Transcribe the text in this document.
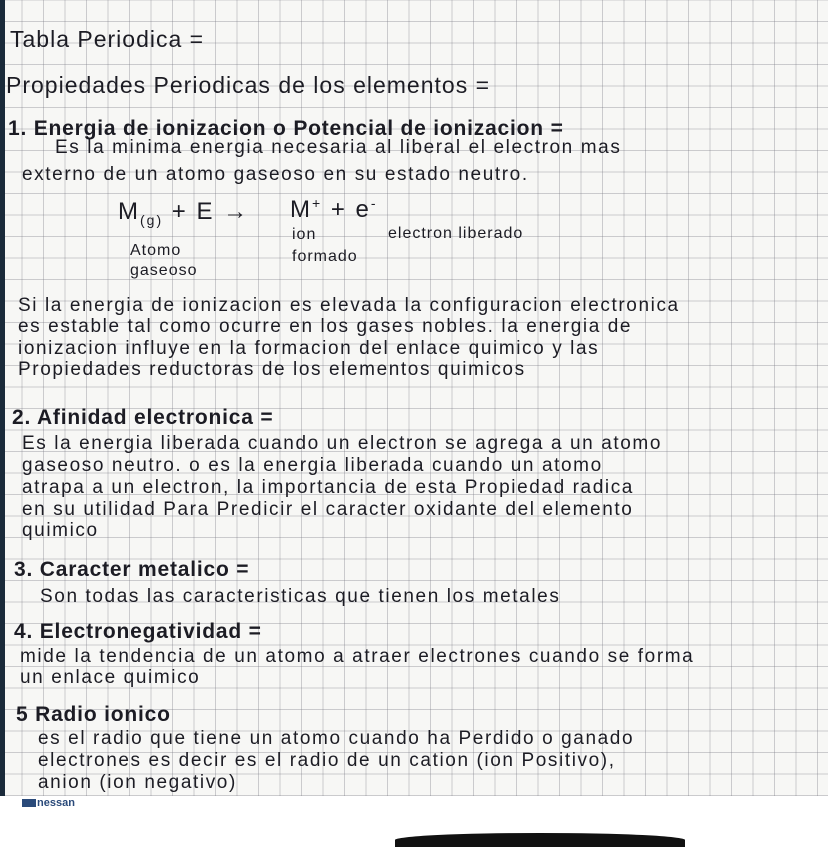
Tabla Periodica =
Propiedades Periodicas de los elementos =
1. Energia de ionizacion o Potencial de ionizacion =
Es la minima energia necesaria al liberal el electron mas
externo de un atomo gaseoso en su estado neutro.
$M_{(g)} + E \to M^+ + e^-$
Atomo
gaseoso
ion
formado
electron liberado
Si la energia de ionizacion es elevada la configuracion electronica
es estable tal como ocurre en los gases nobles. la energia de
ionizacion influye en la formacion del enlace quimico y las
Propiedades reductoras de los elementos quimicos
2. Afinidad electronica =
Es la energia liberada cuando un electron se agrega a un atomo
gaseoso neutro. o es la energia liberada cuando un atomo
atrapa a un electron, la importancia de esta Propiedad radica
en su utilidad Para Predicir el caracter oxidante del elemento
quimico
3. Caracter metalico =
Son todas las caracteristicas que tienen los metales
4. Electronegatividad =
mide la tendencia de un atomo a atraer electrones cuando se forma
un enlace quimico
5 Radio ionico
es el radio que tiene un atomo cuando ha Perdido o ganado
electrones es decir es el radio de un cation (ion Positivo),
anion (ion negativo)
nessan
